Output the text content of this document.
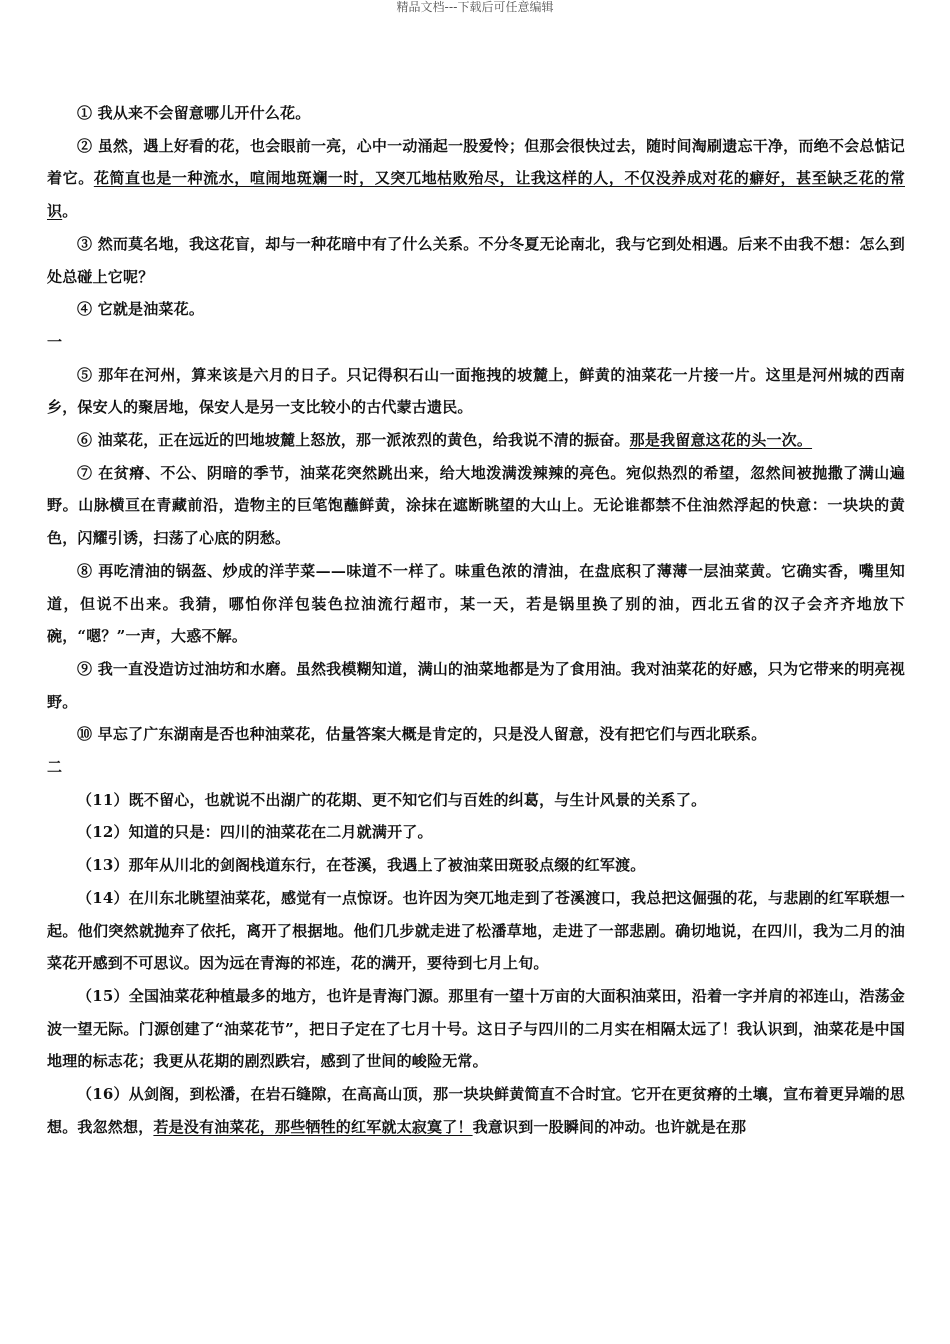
精品文档---下载后可任意编辑

① 我从来不会留意哪儿开什么花。

② 虽然，遇上好看的花，也会眼前一亮，心中一动涌起一股爱怜；但那会很快过去，随时间淘刷遗忘干净，而绝不会总惦记着它。花简直也是一种流水，喧闹地斑斓一时，又突兀地枯败殆尽，让我这样的人，不仅没养成对花的癖好，甚至缺乏花的常识。

③ 然而莫名地，我这花盲，却与一种花暗中有了什么关系。不分冬夏无论南北，我与它到处相遇。后来不由我不想：怎么到处总碰上它呢？

④ 它就是油菜花。

一

⑤ 那年在河州，算来该是六月的日子。只记得积石山一面拖拽的坡麓上，鲜黄的油菜花一片接一片。这里是河州城的西南乡，保安人的聚居地，保安人是另一支比较小的古代蒙古遗民。

⑥ 油菜花，正在远近的凹地坡麓上怒放，那一派浓烈的黄色，给我说不清的振奋。那是我留意这花的头一次。

⑦ 在贫瘠、不公、阴暗的季节，油菜花突然跳出来，给大地泼满泼辣辣的亮色。宛似热烈的希望，忽然间被抛撒了满山遍野。山脉横亘在青藏前沿，造物主的巨笔饱蘸鲜黄，涂抹在遮断眺望的大山上。无论谁都禁不住油然浮起的快意：一块块的黄色，闪耀引诱，扫荡了心底的阴愁。

⑧ 再吃清油的锅盔、炒成的洋芋菜——味道不一样了。味重色浓的清油，在盘底积了薄薄一层油菜黄。它确实香，嘴里知道，但说不出来。我猜，哪怕你洋包装色拉油流行超市，某一天，若是锅里换了别的油，西北五省的汉子会齐齐地放下碗，“嗯？”一声，大惑不解。

⑨ 我一直没造访过油坊和水磨。虽然我模糊知道，满山的油菜地都是为了食用油。我对油菜花的好感，只为它带来的明亮视野。

⑩ 早忘了广东湖南是否也种油菜花，估量答案大概是肯定的，只是没人留意，没有把它们与西北联系。

二

（11）既不留心，也就说不出湖广的花期、更不知它们与百姓的纠葛，与生计风景的关系了。

（12）知道的只是：四川的油菜花在二月就满开了。

（13）那年从川北的剑阁栈道东行，在苍溪，我遇上了被油菜田斑驳点缀的红军渡。

（14）在川东北眺望油菜花，感觉有一点惊讶。也许因为突兀地走到了苍溪渡口，我总把这倔强的花，与悲剧的红军联想一起。他们突然就抛弃了依托，离开了根据地。他们几步就走进了松潘草地，走进了一部悲剧。确切地说，在四川，我为二月的油菜花开感到不可思议。因为远在青海的祁连，花的满开，要待到七月上旬。

（15）全国油菜花种植最多的地方，也许是青海门源。那里有一望十万亩的大面积油菜田，沿着一字并肩的祁连山，浩荡金波一望无际。门源创建了“油菜花节”，把日子定在了七月十号。这日子与四川的二月实在相隔太远了！我认识到，油菜花是中国地理的标志花；我更从花期的剧烈跌宕，感到了世间的峻险无常。

（16）从剑阁，到松潘，在岩石缝隙，在高高山顶，那一块块鲜黄简直不合时宜。它开在更贫瘠的土壤，宣布着更异端的思想。我忽然想，若是没有油菜花，那些牺牲的红军就太寂寞了！我意识到一股瞬间的冲动。也许就是在那
